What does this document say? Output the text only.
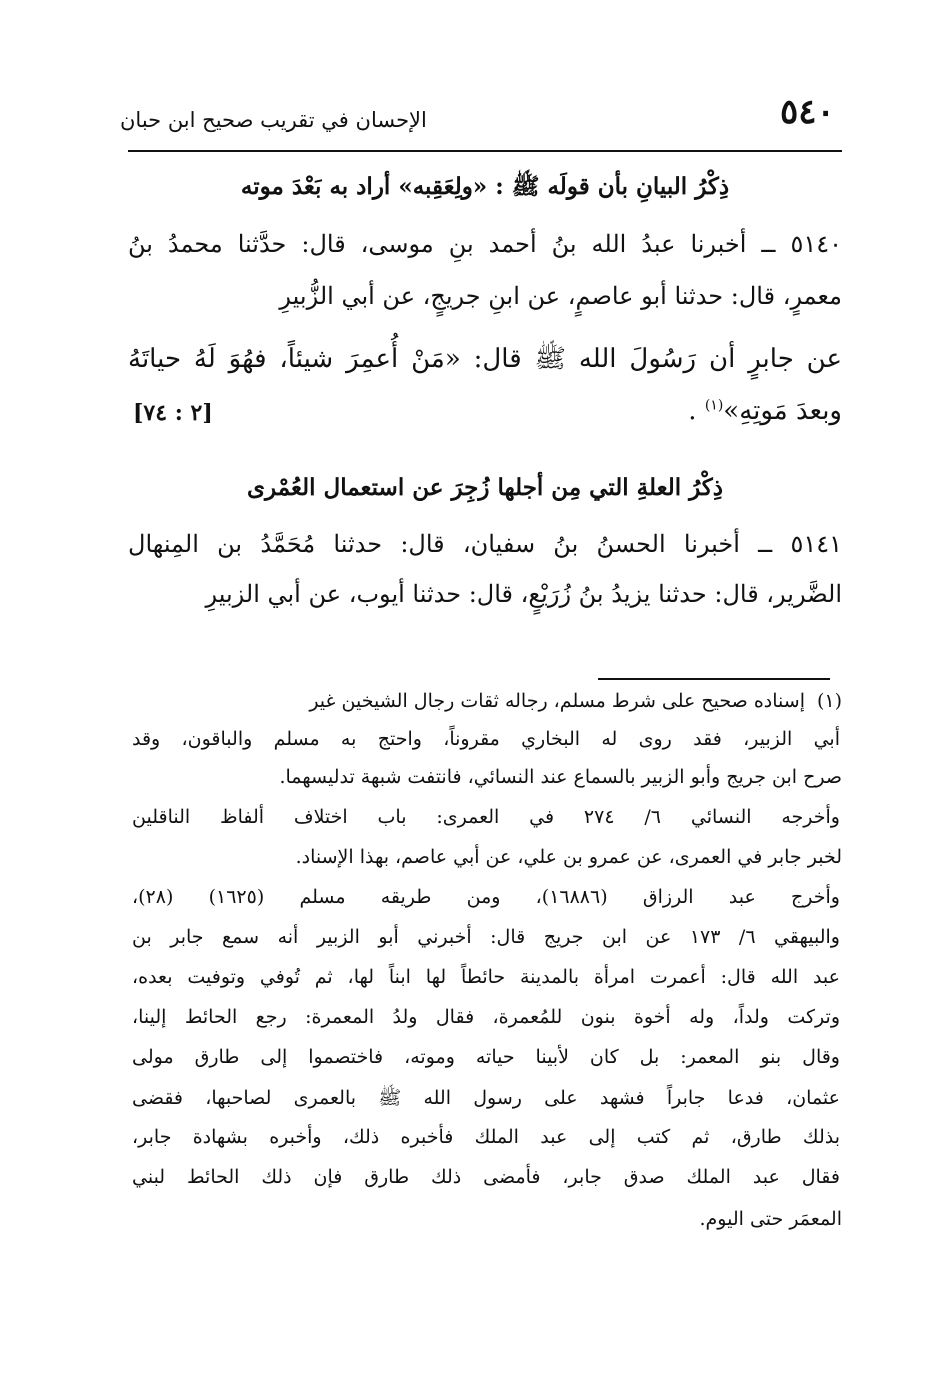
الإحسان في تقريب صحيح ابن حبان	٥٤٠
ذِكْرُ البيانِ بأن قولَه ﷺ : «ولِعَقِبه» أراد به بَعْدَ موته
٥١٤٠ ــ أخبرنا عبدُ الله بنُ أحمد بنِ موسى، قال: حدَّثنا محمدُ بنُ
معمرٍ، قال: حدثنا أبو عاصمٍ، عن ابنِ جريجٍ، عن أبي الزُّبيرِ
عن جابرٍ أن رَسُولَ الله ﷺ قال: «مَنْ أُعمِرَ شيئاً، فهُوَ لَهُ حياتَهُ
وبعدَ مَوتِهِ»$^{(١)}$ .
[٢ : ٧٤]
ذِكْرُ العلةِ التي مِن أجلها زُجِرَ عن استعمال العُمْرى
٥١٤١ ــ أخبرنا الحسنُ بنُ سفيان، قال: حدثنا مُحَمَّدُ بن المِنهال
الضَّرير، قال: حدثنا يزيدُ بنُ زُرَيْعٍ، قال: حدثنا أيوب، عن أبي الزبيرِ
(١)
إسناده صحيح على شرط مسلم، رجاله ثقات رجال الشيخين غير
أبي الزبير، فقد روى له البخاري مقروناً، واحتج به مسلم والباقون، وقد
صرح ابن جريج وأبو الزبير بالسماع عند النسائي، فانتفت شبهة تدليسهما.
وأخرجه النسائي ٦/ ٢٧٤ في العمرى: باب اختلاف ألفاظ الناقلين
لخبر جابر في العمرى، عن عمرو بن علي، عن أبي عاصم، بهذا الإسناد.
وأخرج عبد الرزاق (١٦٨٨٦)، ومن طريقه مسلم (١٦٢٥) (٢٨)،
والبيهقي ٦/ ١٧٣ عن ابن جريج قال: أخبرني أبو الزبير أنه سمع جابر بن
عبد الله قال: أعمرت امرأة بالمدينة حائطاً لها ابناً لها، ثم تُوفي وتوفيت بعده،
وتركت ولداً، وله أخوة بنون للمُعمرة، فقال ولدُ المعمرة: رجع الحائط إلينا،
وقال بنو المعمر: بل كان لأبينا حياته وموته، فاختصموا إلى طارق مولى
عثمان، فدعا جابراً فشهد على رسول الله ﷺ بالعمرى لصاحبها، فقضى
بذلك طارق، ثم كتب إلى عبد الملك فأخبره ذلك، وأخبره بشهادة جابر،
فقال عبد الملك صدق جابر، فأمضى ذلك طارق فإن ذلك الحائط لبني
المعمَر حتى اليوم.
